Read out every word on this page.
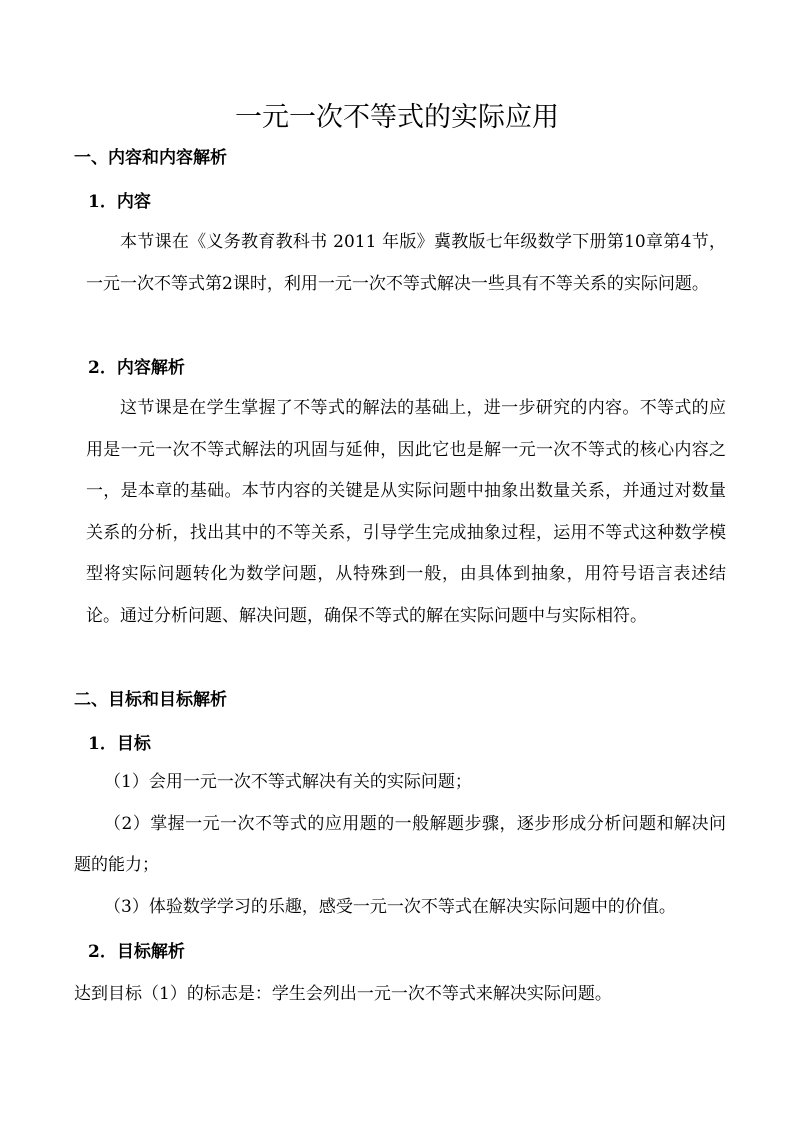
一元一次不等式的实际应用
一、内容和内容解析
1．内容

本节课在《义务教育教科书 2011 年版》冀教版七年级数学下册第10章第4节，一元一次不等式第2课时，利用一元一次不等式解决一些具有不等关系的实际问题。

2．内容解析

这节课是在学生掌握了不等式的解法的基础上，进一步研究的内容。不等式的应用是一元一次不等式解法的巩固与延伸，因此它也是解一元一次不等式的核心内容之一，是本章的基础。本节内容的关键是从实际问题中抽象出数量关系，并通过对数量关系的分析，找出其中的不等关系，引导学生完成抽象过程，运用不等式这种数学模型将实际问题转化为数学问题，从特殊到一般，由具体到抽象，用符号语言表述结论。通过分析问题、解决问题，确保不等式的解在实际问题中与实际相符。

二、目标和目标解析
1．目标
（1）会用一元一次不等式解决有关的实际问题；
（2）掌握一元一次不等式的应用题的一般解题步骤，逐步形成分析问题和解决问题的能力；
（3）体验数学学习的乐趣，感受一元一次不等式在解决实际问题中的价值。
2．目标解析

达到目标（1）的标志是：学生会列出一元一次不等式来解决实际问题。
